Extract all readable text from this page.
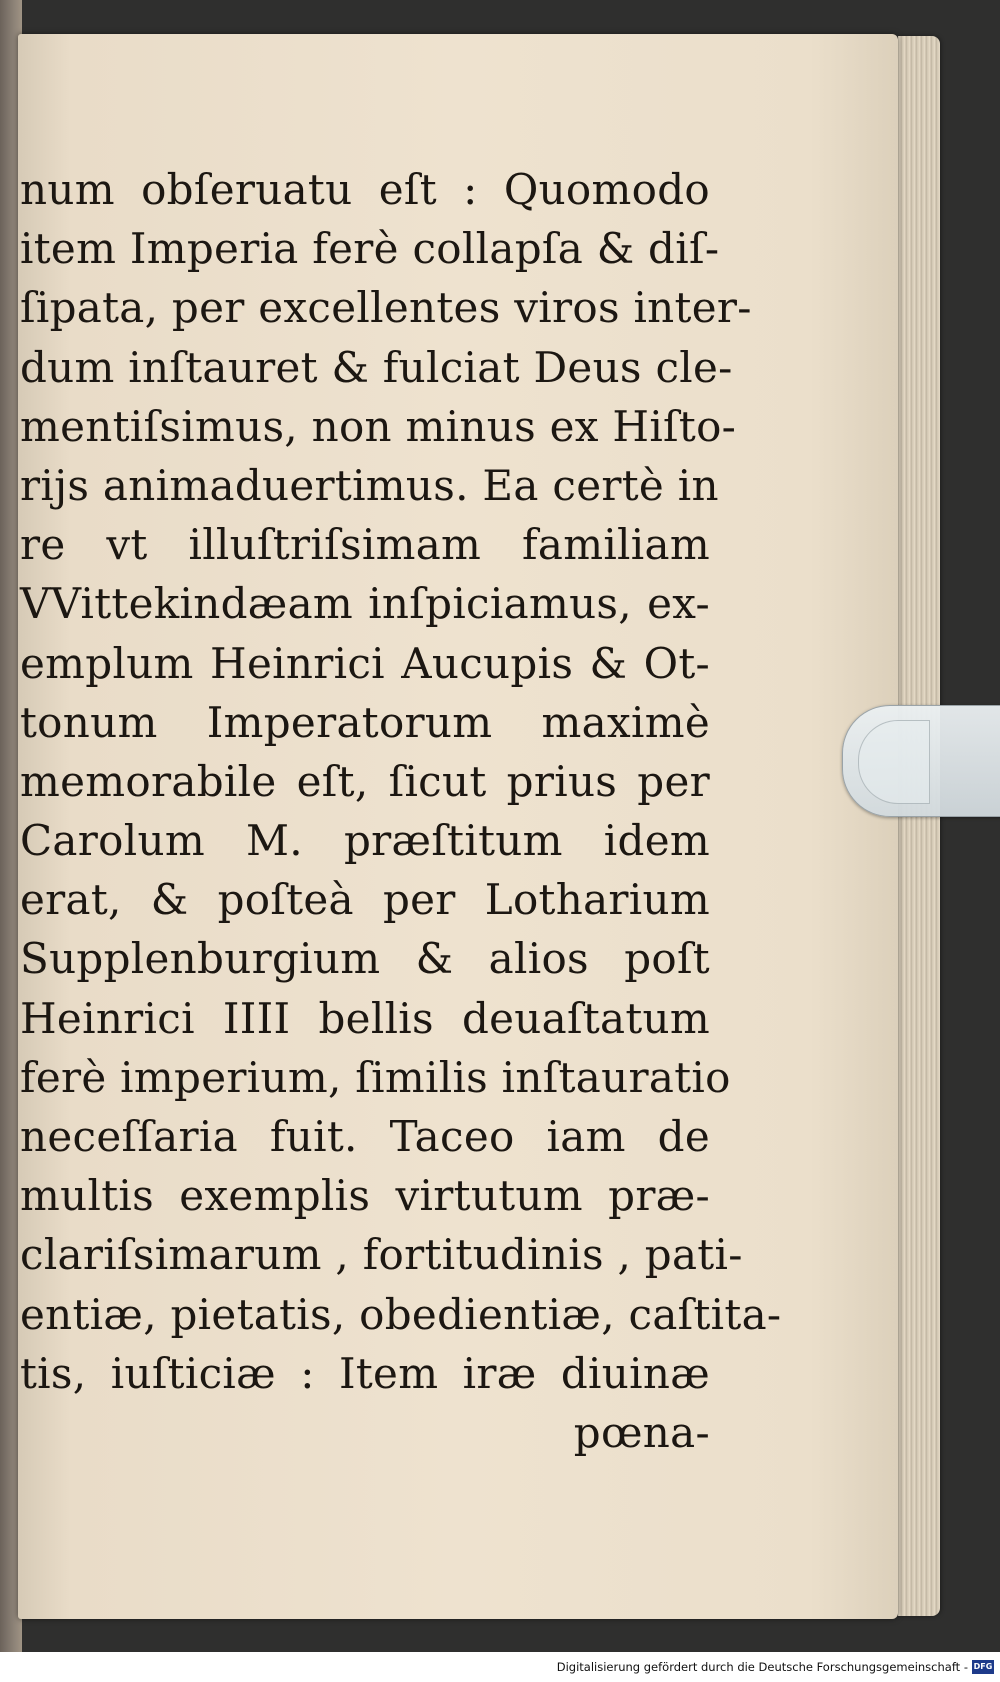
num obſeruatu eſt : Quomodo
item Imperia ferè collapſa & diſ-
ſipata, per excellentes viros inter-
dum inſtauret & fulciat Deus cle-
mentiſsimus, non minus ex Hiſto-
rijs animaduertimus. Ea certè in
re vt illuſtriſsimam familiam
VVittekindæam inſpiciamus, ex-
emplum Heinrici Aucupis & Ot-
tonum Imperatorum maximè
memorabile eſt, ſicut prius per
Carolum M. præſtitum idem
erat, & poſteà per Lotharium
Supplenburgium & alios poſt
Heinrici IIII bellis deuaſtatum
ferè imperium, ſimilis inſtauratio
neceſſaria fuit. Taceo iam de
multis exemplis virtutum præ-
clariſsimarum , fortitudinis , pati-
entiæ, pietatis, obedientiæ, caſtita-
tis, iuſticiæ : Item iræ diuinæ
pœna-
Digitalisierung gefördert durch die Deutsche Forschungsgemeinschaft - DFG
